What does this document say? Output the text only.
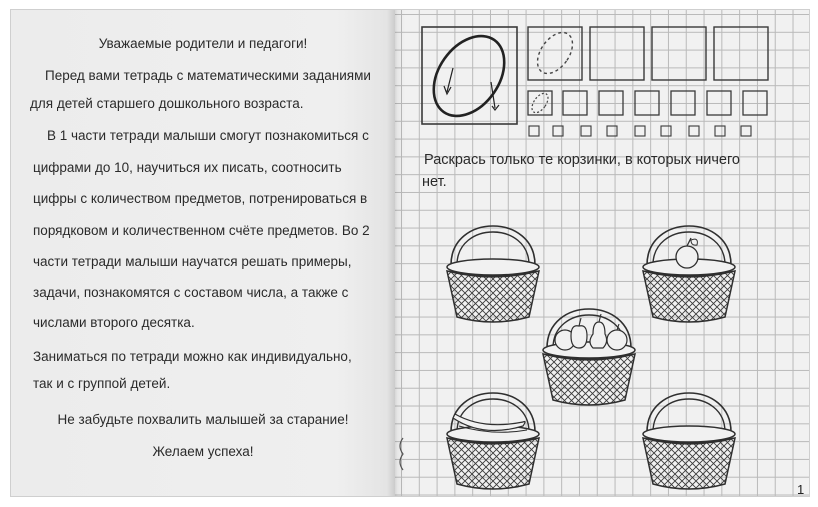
Уважаемые родители и педагоги!
Перед вами тетрадь с математическими заданиями
для детей старшего дошкольного возраста.
В 1 части тетради малыши смогут познакомиться с
цифрами до 10, научиться их писать, соотносить
цифры с количеством предметов, потренироваться в
порядковом и количественном счёте предметов. Во 2
части тетради малыши научатся решать примеры,
задачи, познакомятся с составом числа, а также с
числами второго десятка.
Заниматься по тетради можно как индивидуально,
так и с группой детей.
Не забудьте похвалить малышей за старание!
Желаем успеха!
Раскрась только те корзинки, в которых ничего
нет.
1
